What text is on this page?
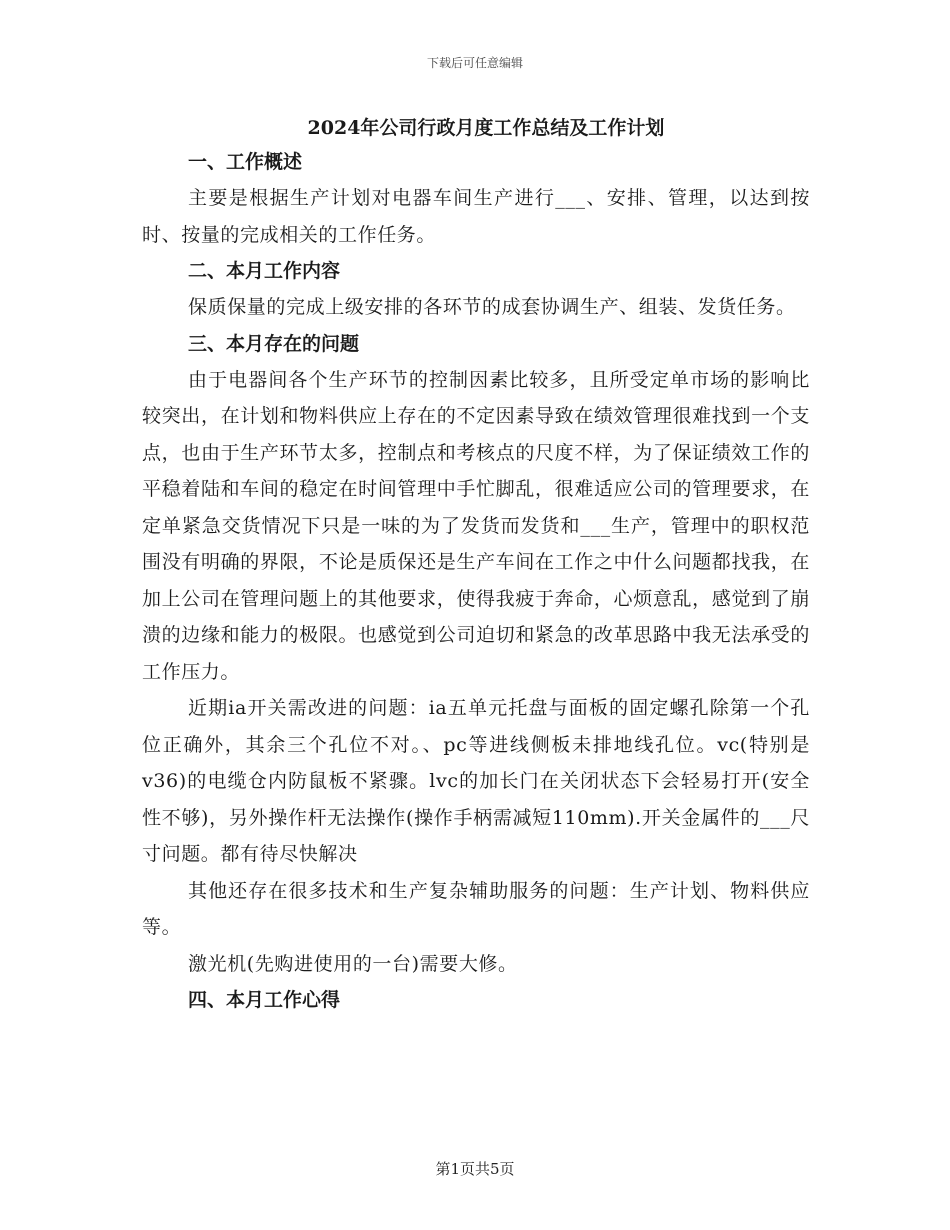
下载后可任意编辑
2024年公司行政月度工作总结及工作计划
一、工作概述

主要是根据生产计划对电器车间生产进行___、安排、管理，以达到按时、按量的完成相关的工作任务。

二、本月工作内容

保质保量的完成上级安排的各环节的成套协调生产、组装、发货任务。

三、本月存在的问题

由于电器间各个生产环节的控制因素比较多，且所受定单市场的影响比较突出，在计划和物料供应上存在的不定因素导致在绩效管理很难找到一个支点，也由于生产环节太多，控制点和考核点的尺度不样，为了保证绩效工作的平稳着陆和车间的稳定在时间管理中手忙脚乱，很难适应公司的管理要求，在定单紧急交货情况下只是一味的为了发货而发货和___生产，管理中的职权范围没有明确的界限，不论是质保还是生产车间在工作之中什么问题都找我，在加上公司在管理问题上的其他要求，使得我疲于奔命，心烦意乱，感觉到了崩溃的边缘和能力的极限。也感觉到公司迫切和紧急的改革思路中我无法承受的工作压力。

近期ia开关需改进的问题：ia五单元托盘与面板的固定螺孔除第一个孔位正确外，其余三个孔位不对。、pc等进线侧板未排地线孔位。vc(特别是v36)的电缆仓内防鼠板不紧骤。lvc的加长门在关闭状态下会轻易打开(安全性不够)，另外操作杆无法操作(操作手柄需减短110mm).开关金属件的___尺寸问题。都有待尽快解决

其他还存在很多技术和生产复杂辅助服务的问题：生产计划、物料供应等。

激光机(先购进使用的一台)需要大修。

四、本月工作心得
第1页共5页
